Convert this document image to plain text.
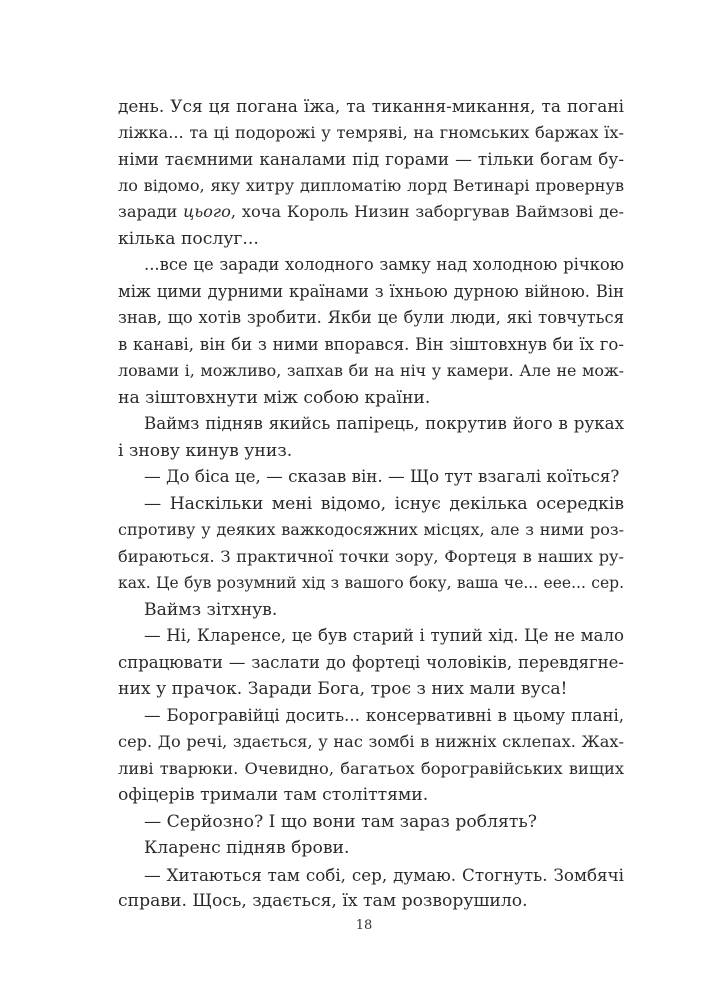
день. Уся ця погана їжа, та тикання-микання, та погані
ліжка... та ці подорожі у темряві, на гномських баржах їх-
німи таємними каналами під горами — тільки богам бу-
ло відомо, яку хитру дипломатію лорд Ветинарі провернув
заради цього, хоча Король Низин заборгував Ваймзові де-
кілька послуг...
...все це заради холодного замку над холодною річкою
між цими дурними країнами з їхньою дурною війною. Він
знав, що хотів зробити. Якби це були люди, які товчуться
в канаві, він би з ними впорався. Він зіштовхнув би їх го-
ловами і, можливо, запхав би на ніч у камери. Але не мож-
на зіштовхнути між собою країни.
Ваймз підняв якийсь папірець, покрутив його в руках
і знову кинув униз.
— До біса це, — сказав він. — Що тут взагалі коїться?
— Наскільки мені відомо, існує декілька осередків
спротиву у деяких важкодосяжних місцях, але з ними роз-
бираються. З практичної точки зору, Фортеця в наших ру-
ках. Це був розумний хід з вашого боку, ваша че... еее... сер.
Ваймз зітхнув.
— Ні, Кларенсе, це був старий і тупий хід. Це не мало
спрацювати — заслати до фортеці чоловіків, перевдягне-
них у прачок. Заради Бога, троє з них мали вуса!
— Борогравійці досить... консервативні в цьому плані,
сер. До речі, здається, у нас зомбі в нижніх склепах. Жах-
ливі тварюки. Очевидно, багатьох борогравійських вищих
офіцерів тримали там століттями.
— Серйозно? І що вони там зараз роблять?
Кларенс підняв брови.
— Хитаються там собі, сер, думаю. Стогнуть. Зомбячі
справи. Щось, здається, їх там розворушило.
18
